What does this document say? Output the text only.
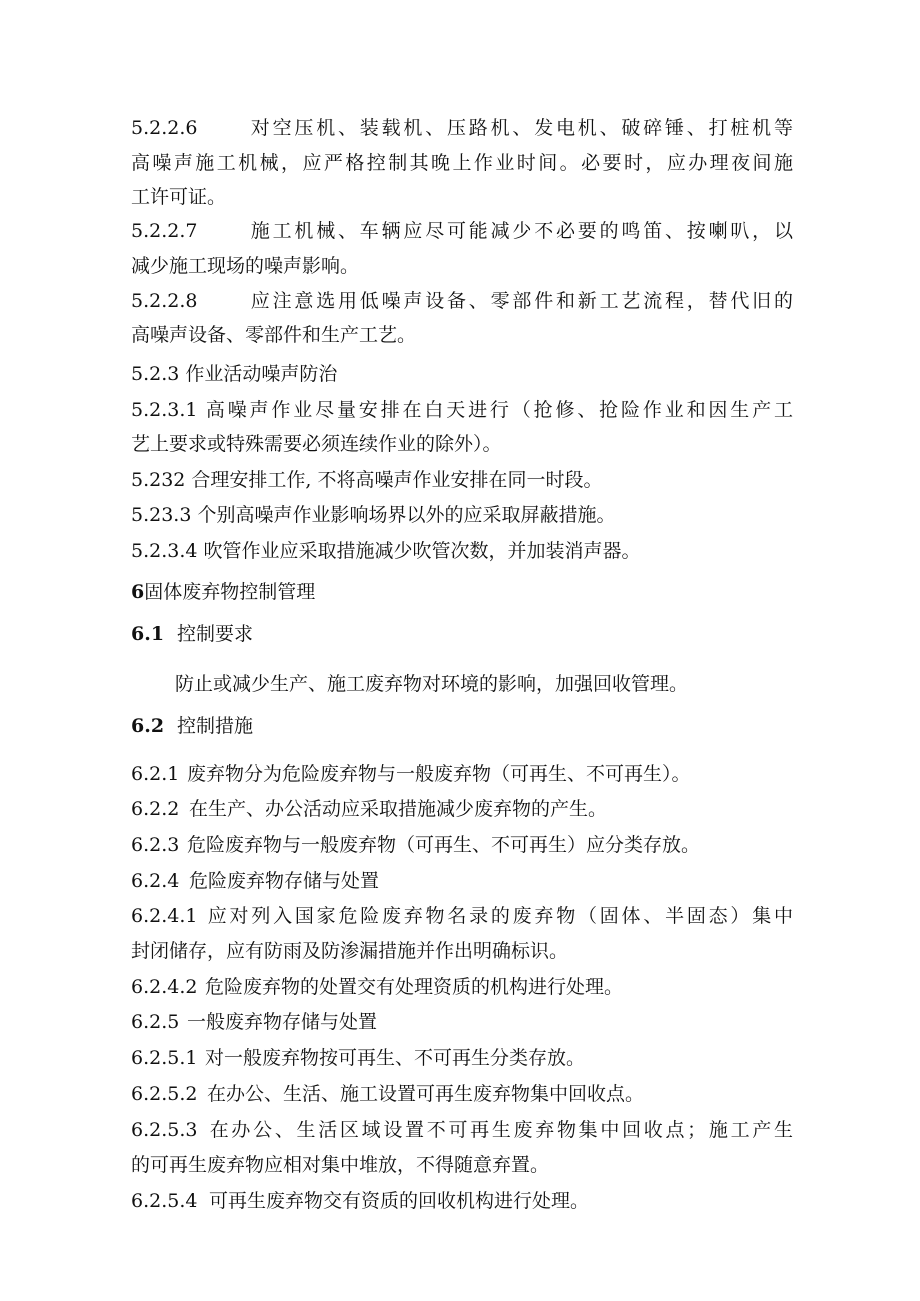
5.2.2.6	对空压机、装载机、压路机、发电机、破碎锤、打桩机等
高噪声施工机械，应严格控制其晚上作业时间。必要时，应办理夜间施
工许可证。
5.2.2.7	施工机械、车辆应尽可能减少不必要的鸣笛、按喇叭，以
减少施工现场的噪声影响。
5.2.2.8	应注意选用低噪声设备、零部件和新工艺流程，替代旧的
高噪声设备、零部件和生产工艺。
5.2.3 作业活动噪声防治
5.2.3.1 高噪声作业尽量安排在白天进行（抢修、抢险作业和因生产工
艺上要求或特殊需要必须连续作业的除外）。
5.232 合理安排工作, 不将高噪声作业安排在同一时段。
5.23.3 个别高噪声作业影响场界以外的应采取屏蔽措施。
5.2.3.4 吹管作业应采取措施减少吹管次数，并加装消声器。
6固体废弃物控制管理
6.1 控制要求
防止或减少生产、施工废弃物对环境的影响，加强回收管理。
6.2 控制措施
6.2.1 废弃物分为危险废弃物与一般废弃物（可再生、不可再生）。
6.2.2 在生产、办公活动应采取措施减少废弃物的产生。
6.2.3 危险废弃物与一般废弃物（可再生、不可再生）应分类存放。
6.2.4 危险废弃物存储与处置
6.2.4.1 应对列入国家危险废弃物名录的废弃物（固体、半固态）集中
封闭储存，应有防雨及防渗漏措施并作出明确标识。
6.2.4.2 危险废弃物的处置交有处理资质的机构进行处理。
6.2.5 一般废弃物存储与处置
6.2.5.1 对一般废弃物按可再生、不可再生分类存放。
6.2.5.2 在办公、生活、施工设置可再生废弃物集中回收点。
6.2.5.3 在办公、生活区域设置不可再生废弃物集中回收点；施工产生
的可再生废弃物应相对集中堆放，不得随意弃置。
6.2.5.4 可再生废弃物交有资质的回收机构进行处理。
